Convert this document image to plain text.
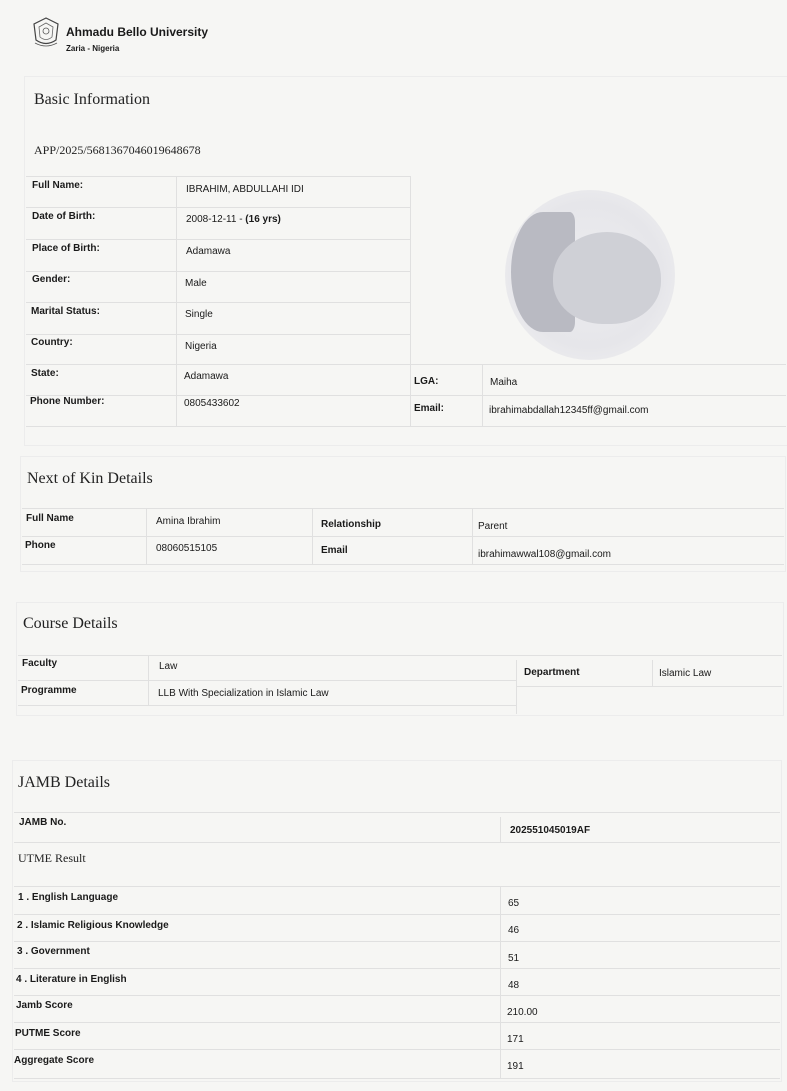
Ahmadu Bello University
Zaria - Nigeria
Basic Information
APP/2025/5681367046019648678
Full Name:	IBRAHIM, ABDULLAHI IDI
Date of Birth:	2008-12-11 - (16 yrs)
Place of Birth:	Adamawa
Gender:	Male
Marital Status:	Single
Country:	Nigeria
State:	Adamawa	LGA:	Maiha
Phone Number:	0805433602	Email:	ibrahimabdallah12345ff@gmail.com
Next of Kin Details
Full Name	Amina Ibrahim	Relationship	Parent
Phone	08060515105	Email	ibrahimawwal108@gmail.com
Course Details
Faculty	Law
Department	Islamic Law
Programme	LLB With Specialization in Islamic Law
JAMB Details
JAMB No.
202551045019AF
UTME Result
1 . English Language
65
2 . Islamic Religious Knowledge	46
3 . Government
51
4 . Literature in English
48
Jamb Score
210.00
PUTME Score
171
Aggregate Score
191
